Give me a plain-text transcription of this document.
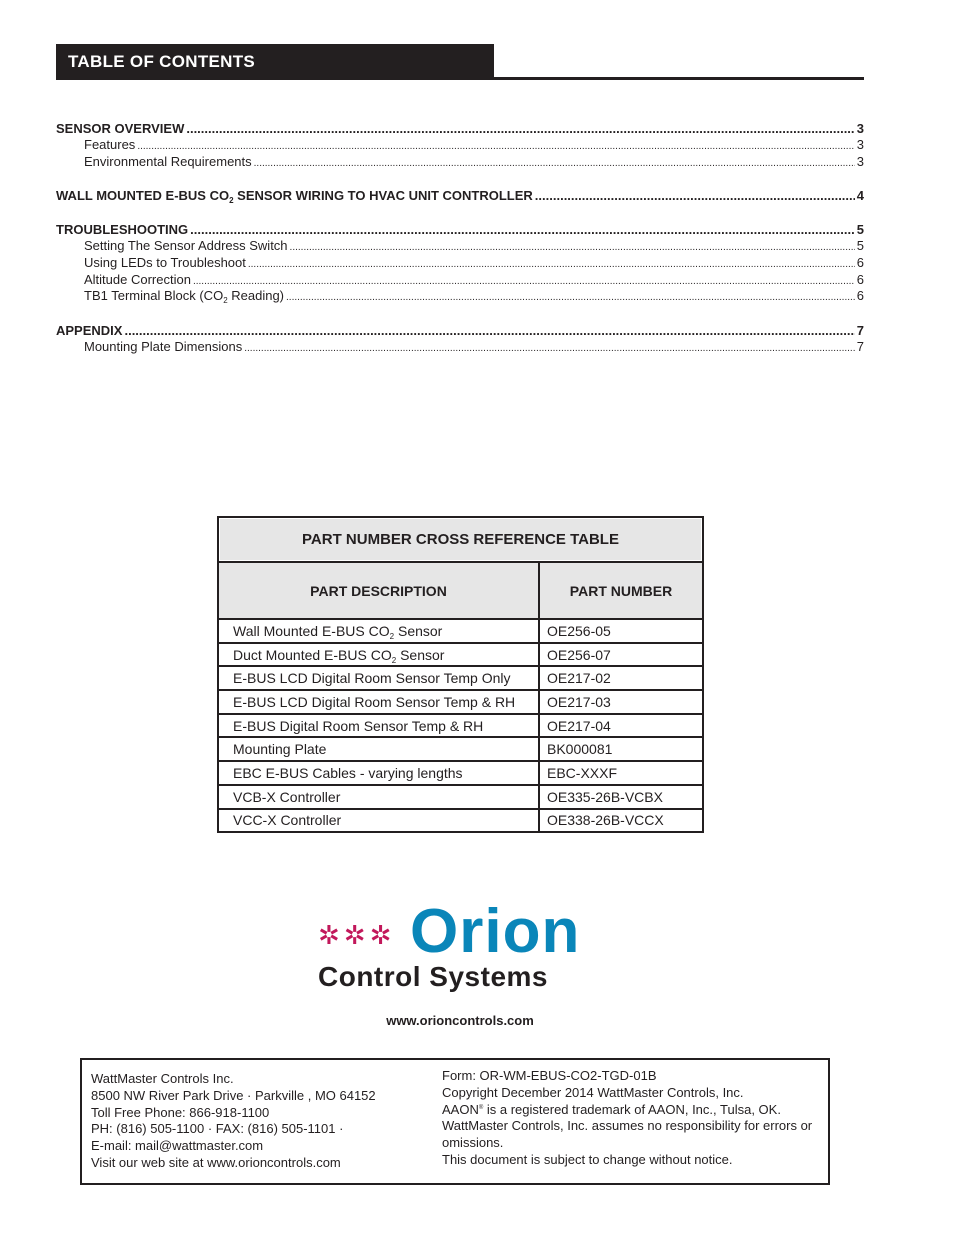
TABLE OF CONTENTS
SENSOR OVERVIEW .....	3
Features .....	3
Environmental Requirements .....	3
WALL MOUNTED E-BUS $CO_2$ SENSOR WIRING TO HVAC UNIT CONTROLLER .....	4
TROUBLESHOOTING .....	5
Setting The Sensor Address Switch .....	5
Using LEDs to Troubleshoot .....	6
Altitude Correction .....	6
TB1 Terminal Block ($CO_2$ Reading) .....	6
APPENDIX .....	7
Mounting Plate Dimensions .....	7
PART NUMBER CROSS REFERENCE TABLE	
PART DESCRIPTION	PART NUMBER
Wall Mounted E-BUS $CO_2$ Sensor	OE256-05
Duct Mounted E-BUS $CO_2$ Sensor	OE256-07
E-BUS LCD Digital Room Sensor Temp Only	OE217-02
E-BUS LCD Digital Room Sensor Temp & RH	OE217-03
E-BUS Digital Room Sensor Temp & RH	OE217-04
Mounting Plate	BK000081
EBC E-BUS Cables - varying lengths	EBC-XXXF
VCB-X Controller	OE335-26B-VCBX
VCC-X Controller	OE338-26B-VCCX
✲✲✲ Orion
Control Systems
www.orioncontrols.com
WattMaster Controls Inc.
8500 NW River Park Drive · Parkville , MO 64152
Toll Free Phone: 866-918-1100
PH: (816) 505-1100 · FAX: (816) 505-1101 ·
E-mail: mail@wattmaster.com
Visit our web site at www.orioncontrols.com
Form: OR-WM-EBUS-CO2-TGD-01B
Copyright December 2014 WattMaster Controls, Inc.
AAON® is a registered trademark of AAON, Inc., Tulsa, OK.
WattMaster Controls, Inc. assumes no responsibility for errors or omissions.
This document is subject to change without notice.
